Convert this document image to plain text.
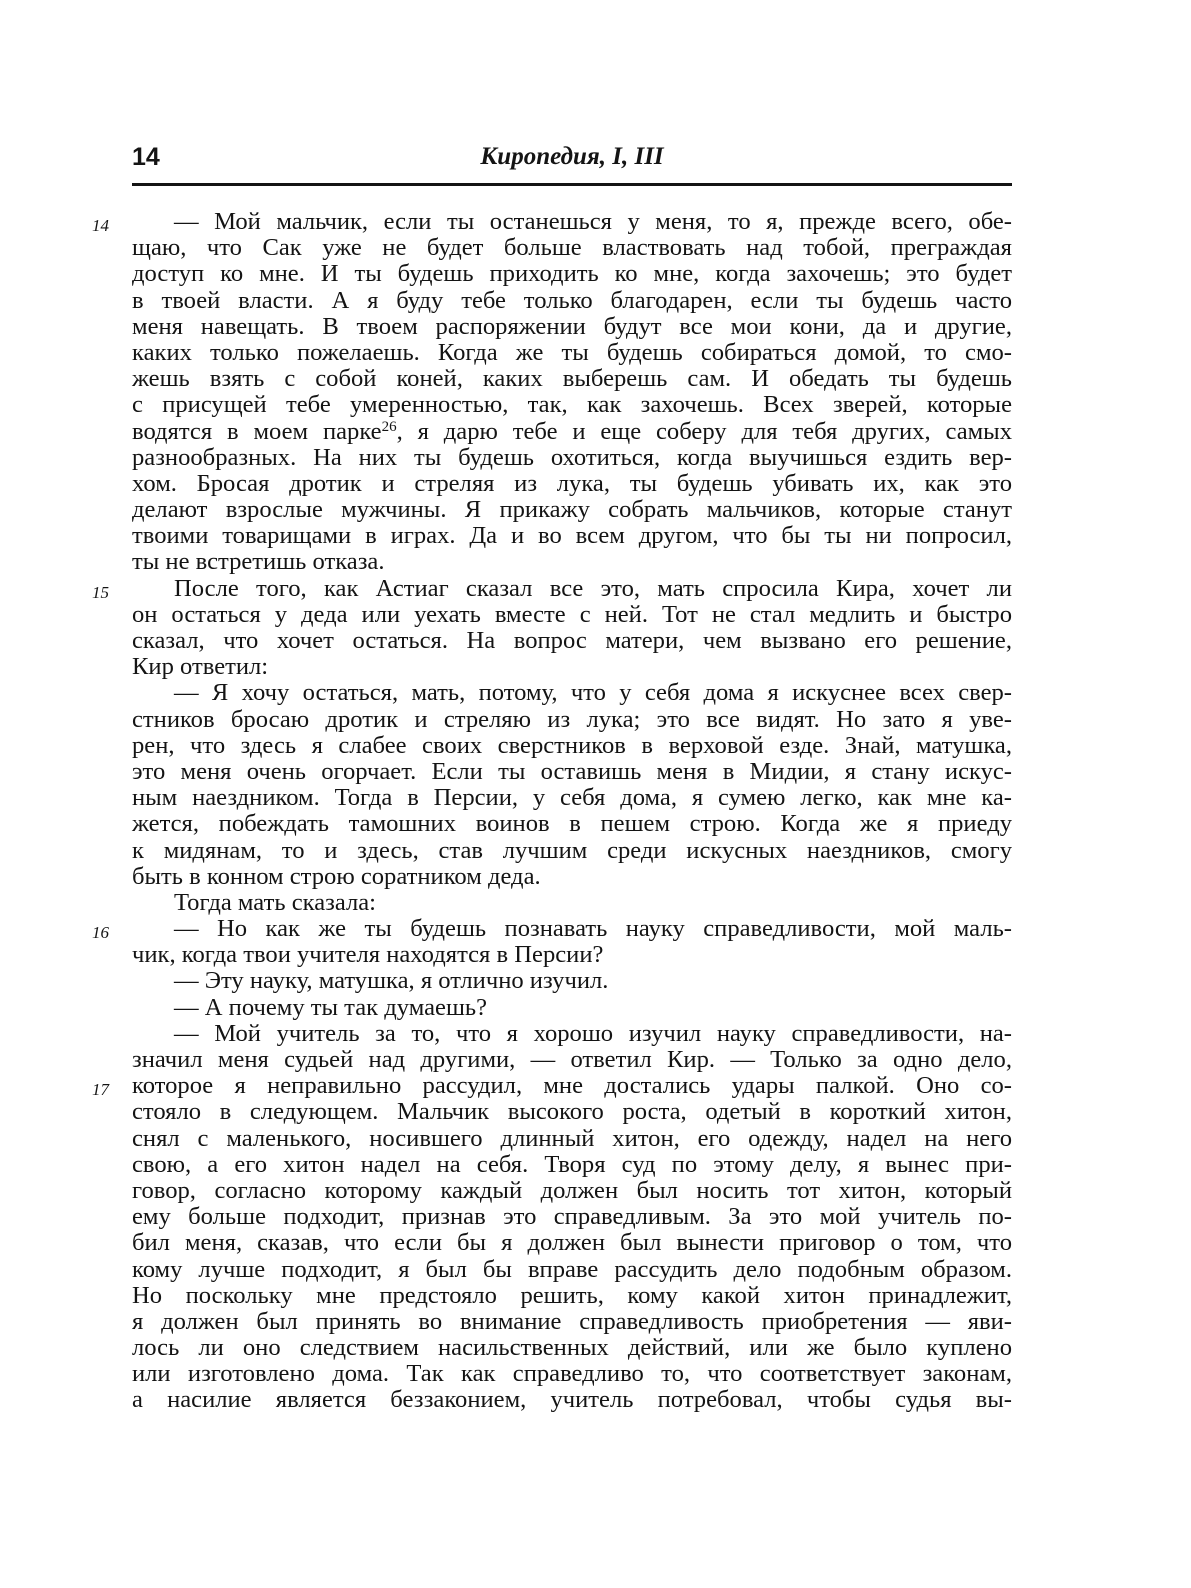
14	Киропедия, I, III
14	— Мой мальчик, если ты останешься у меня, то я, прежде всего, обе-
щаю, что Сак уже не будет больше властвовать над тобой, преграждая
доступ ко мне. И ты будешь приходить ко мне, когда захочешь; это будет
в твоей власти. А я буду тебе только благодарен, если ты будешь часто
меня навещать. В твоем распоряжении будут все мои кони, да и другие,
каких только пожелаешь. Когда же ты будешь собираться домой, то смо-
жешь взять с собой коней, каких выберешь сам. И обедать ты будешь
с присущей тебе умеренностью, так, как захочешь. Всех зверей, которые
водятся в моем парке$^{26}$, я дарю тебе и еще соберу для тебя других, самых
разнообразных. На них ты будешь охотиться, когда выучишься ездить вер-
хом. Бросая дротик и стреляя из лука, ты будешь убивать их, как это
делают взрослые мужчины. Я прикажу собрать мальчиков, которые станут
твоими товарищами в играх. Да и во всем другом, что бы ты ни попросил,
ты не встретишь отказа.
15	После того, как Астиаг сказал все это, мать спросила Кира, хочет ли
он остаться у деда или уехать вместе с ней. Тот не стал медлить и быстро
сказал, что хочет остаться. На вопрос матери, чем вызвано его решение,
Кир ответил:
— Я хочу остаться, мать, потому, что у себя дома я искуснее всех свер-
стников бросаю дротик и стреляю из лука; это все видят. Но зато я уве-
рен, что здесь я слабее своих сверстников в верховой езде. Знай, матушка,
это меня очень огорчает. Если ты оставишь меня в Мидии, я стану искус-
ным наездником. Тогда в Персии, у себя дома, я сумею легко, как мне ка-
жется, побеждать тамошних воинов в пешем строю. Когда же я приеду
к мидянам, то и здесь, став лучшим среди искусных наездников, смогу
быть в конном строю соратником деда.
Тогда мать сказала:
16	— Но как же ты будешь познавать науку справедливости, мой маль-
чик, когда твои учителя находятся в Персии?
— Эту науку, матушка, я отлично изучил.
— А почему ты так думаешь?
— Мой учитель за то, что я хорошо изучил науку справедливости, на-
значил меня судьей над другими, — ответил Кир. — Только за одно дело,
17 которое я неправильно рассудил, мне достались удары палкой. Оно со-
стояло в следующем. Мальчик высокого роста, одетый в короткий хитон,
снял с маленького, носившего длинный хитон, его одежду, надел на него
свою, а его хитон надел на себя. Творя суд по этому делу, я вынес при-
говор, согласно которому каждый должен был носить тот хитон, который
ему больше подходит, признав это справедливым. За это мой учитель по-
бил меня, сказав, что если бы я должен был вынести приговор о том, что
кому лучше подходит, я был бы вправе рассудить дело подобным образом.
Но поскольку мне предстояло решить, кому какой хитон принадлежит,
я должен был принять во внимание справедливость приобретения — яви-
лось ли оно следствием насильственных действий, или же было куплено
или изготовлено дома. Так как справедливо то, что соответствует законам,
а насилие является беззаконием, учитель потребовал, чтобы судья вы-
